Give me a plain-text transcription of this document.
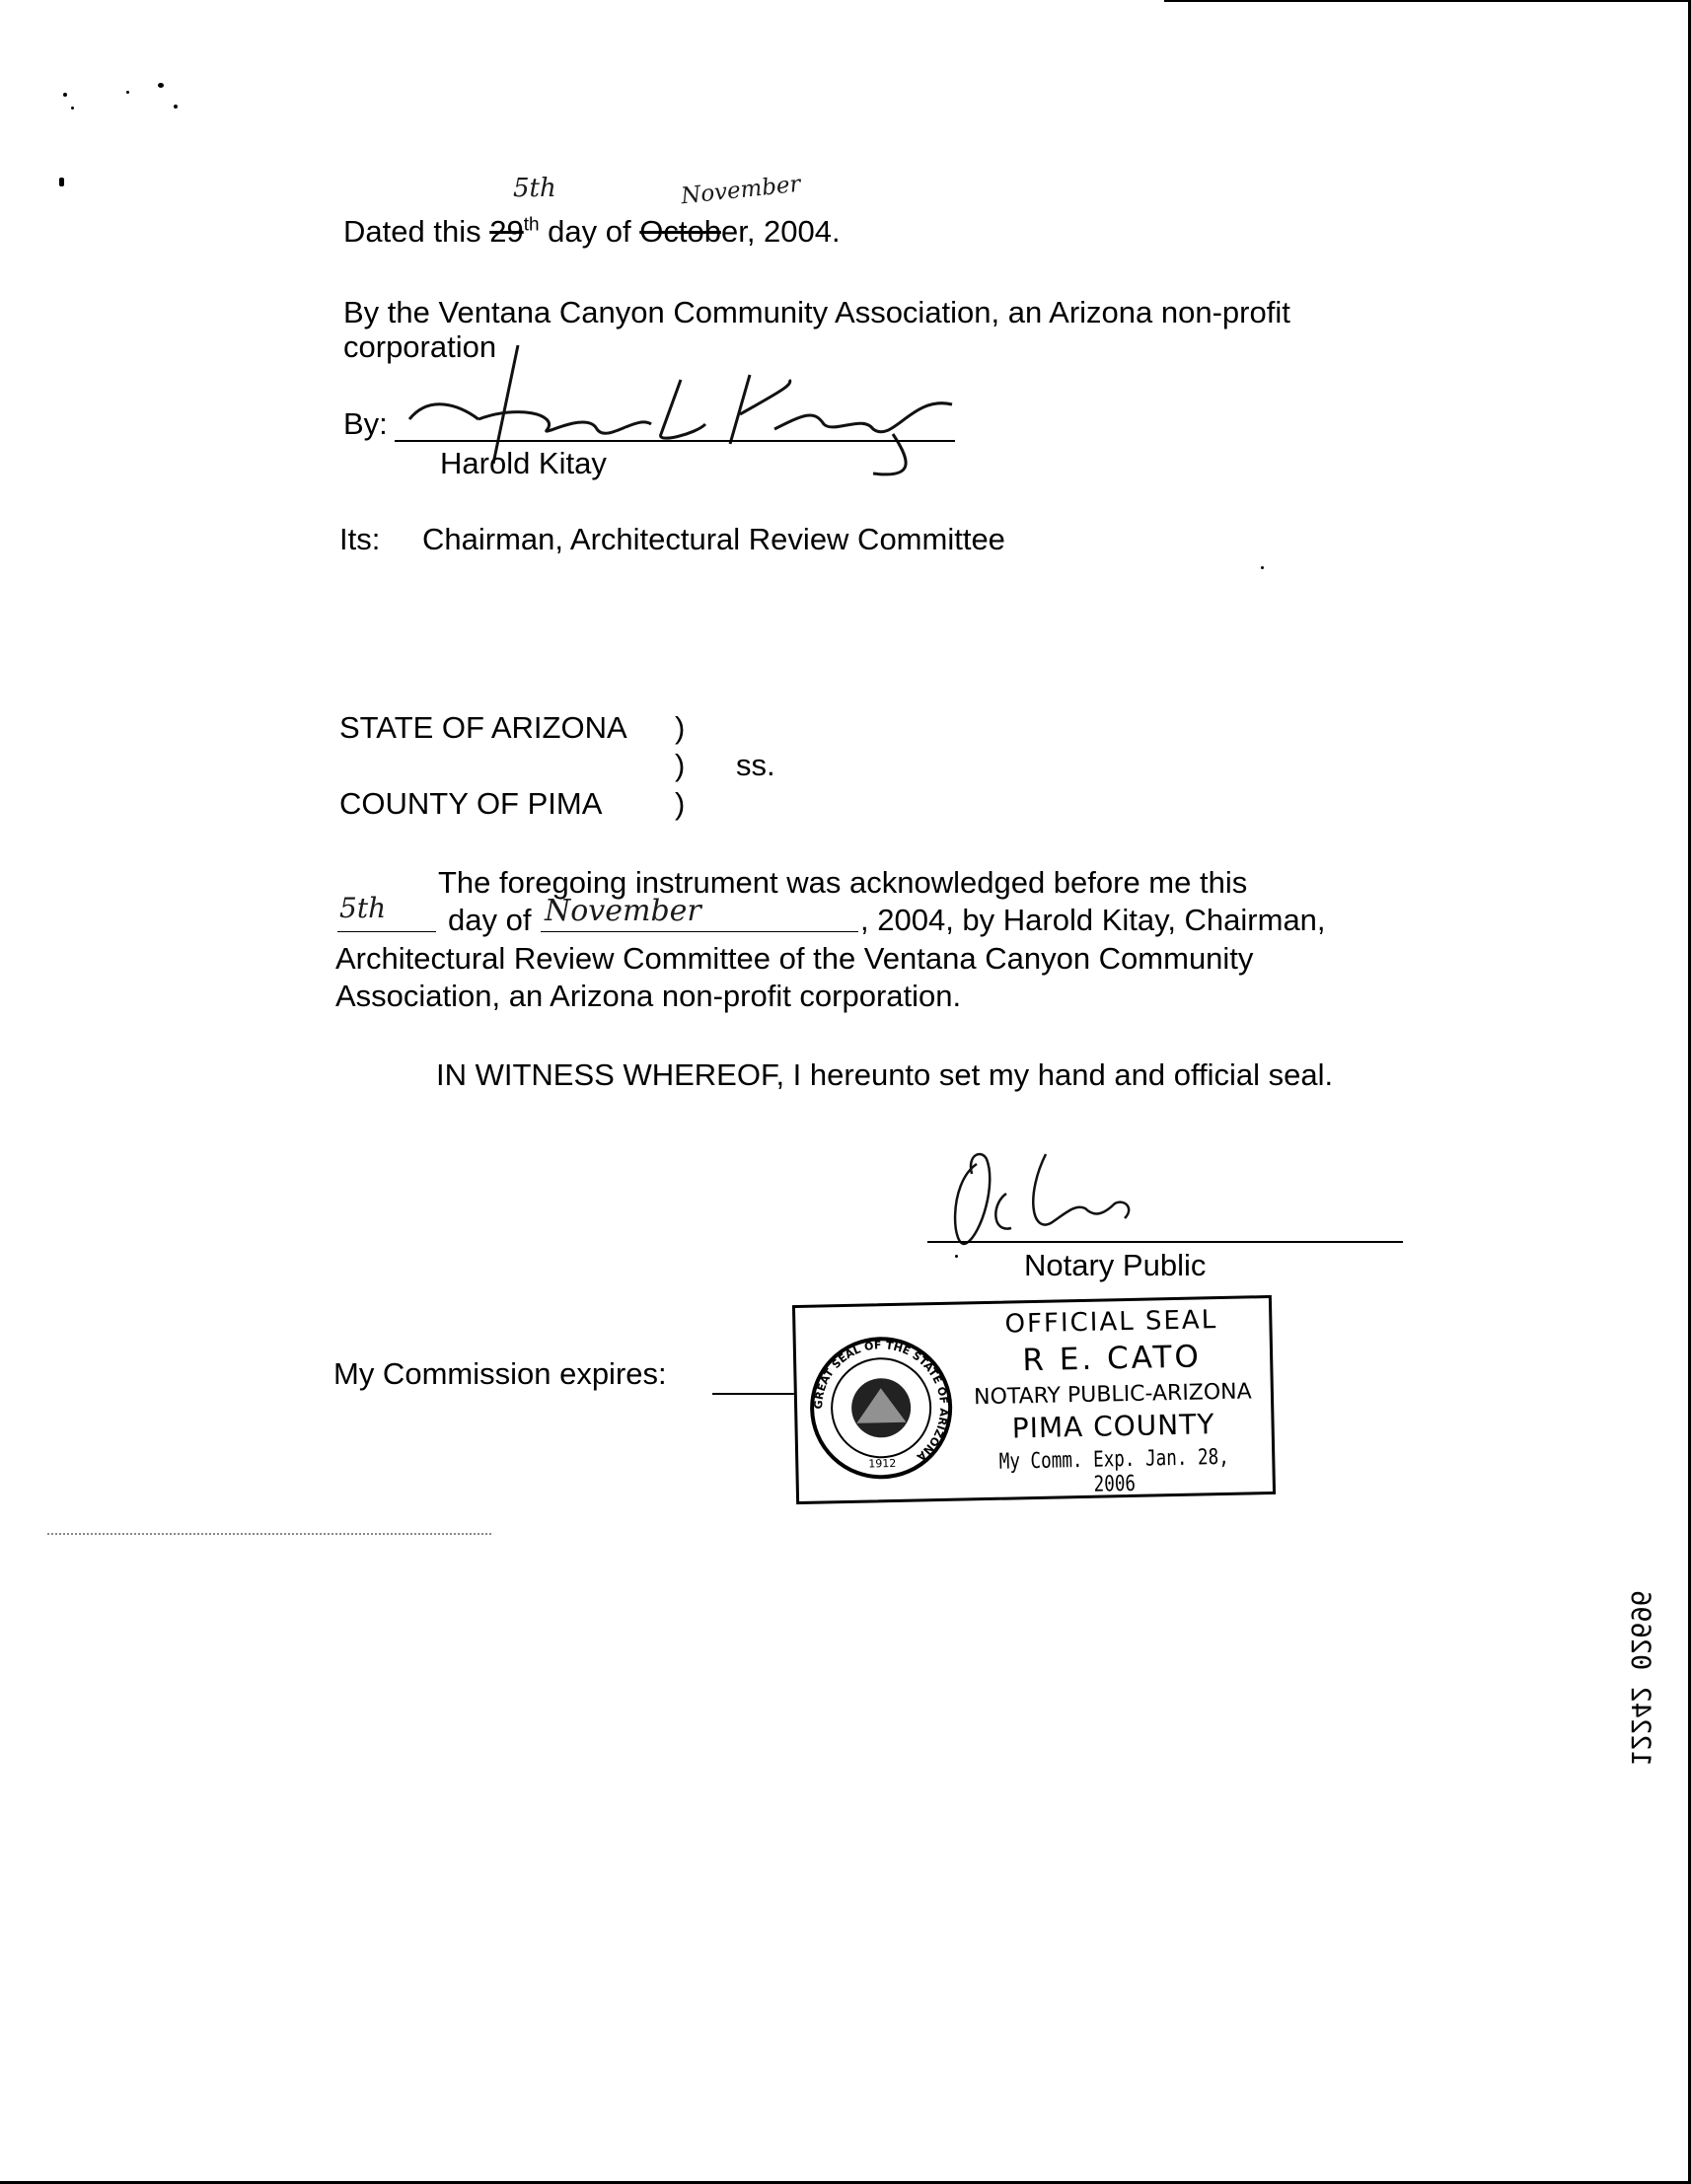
5th	November
Dated this 29th day of October, 2004.
By the Ventana Canyon Community Association, an Arizona non-profit
corporation
By:
Harold Kitay
Its: Chairman, Architectural Review Committee
STATE OF ARIZONA )
) ss.
COUNTY OF PIMA )
The foregoing instrument was acknowledged before me this
5th day of November	, 2004, by Harold Kitay, Chairman,
Architectural Review Committee of the Ventana Canyon Community
Association, an Arizona non-profit corporation.
IN WITNESS WHEREOF, I hereunto set my hand and official seal.
Notary Public
My Commission expires:
GREAT SEAL OF THE STATE OF ARIZONA
1912
OFFICIAL SEAL
R E. CATO
NOTARY PUBLIC-ARIZONA
PIMA COUNTY
My Comm. Exp. Jan. 28, 2006
12242 02696
